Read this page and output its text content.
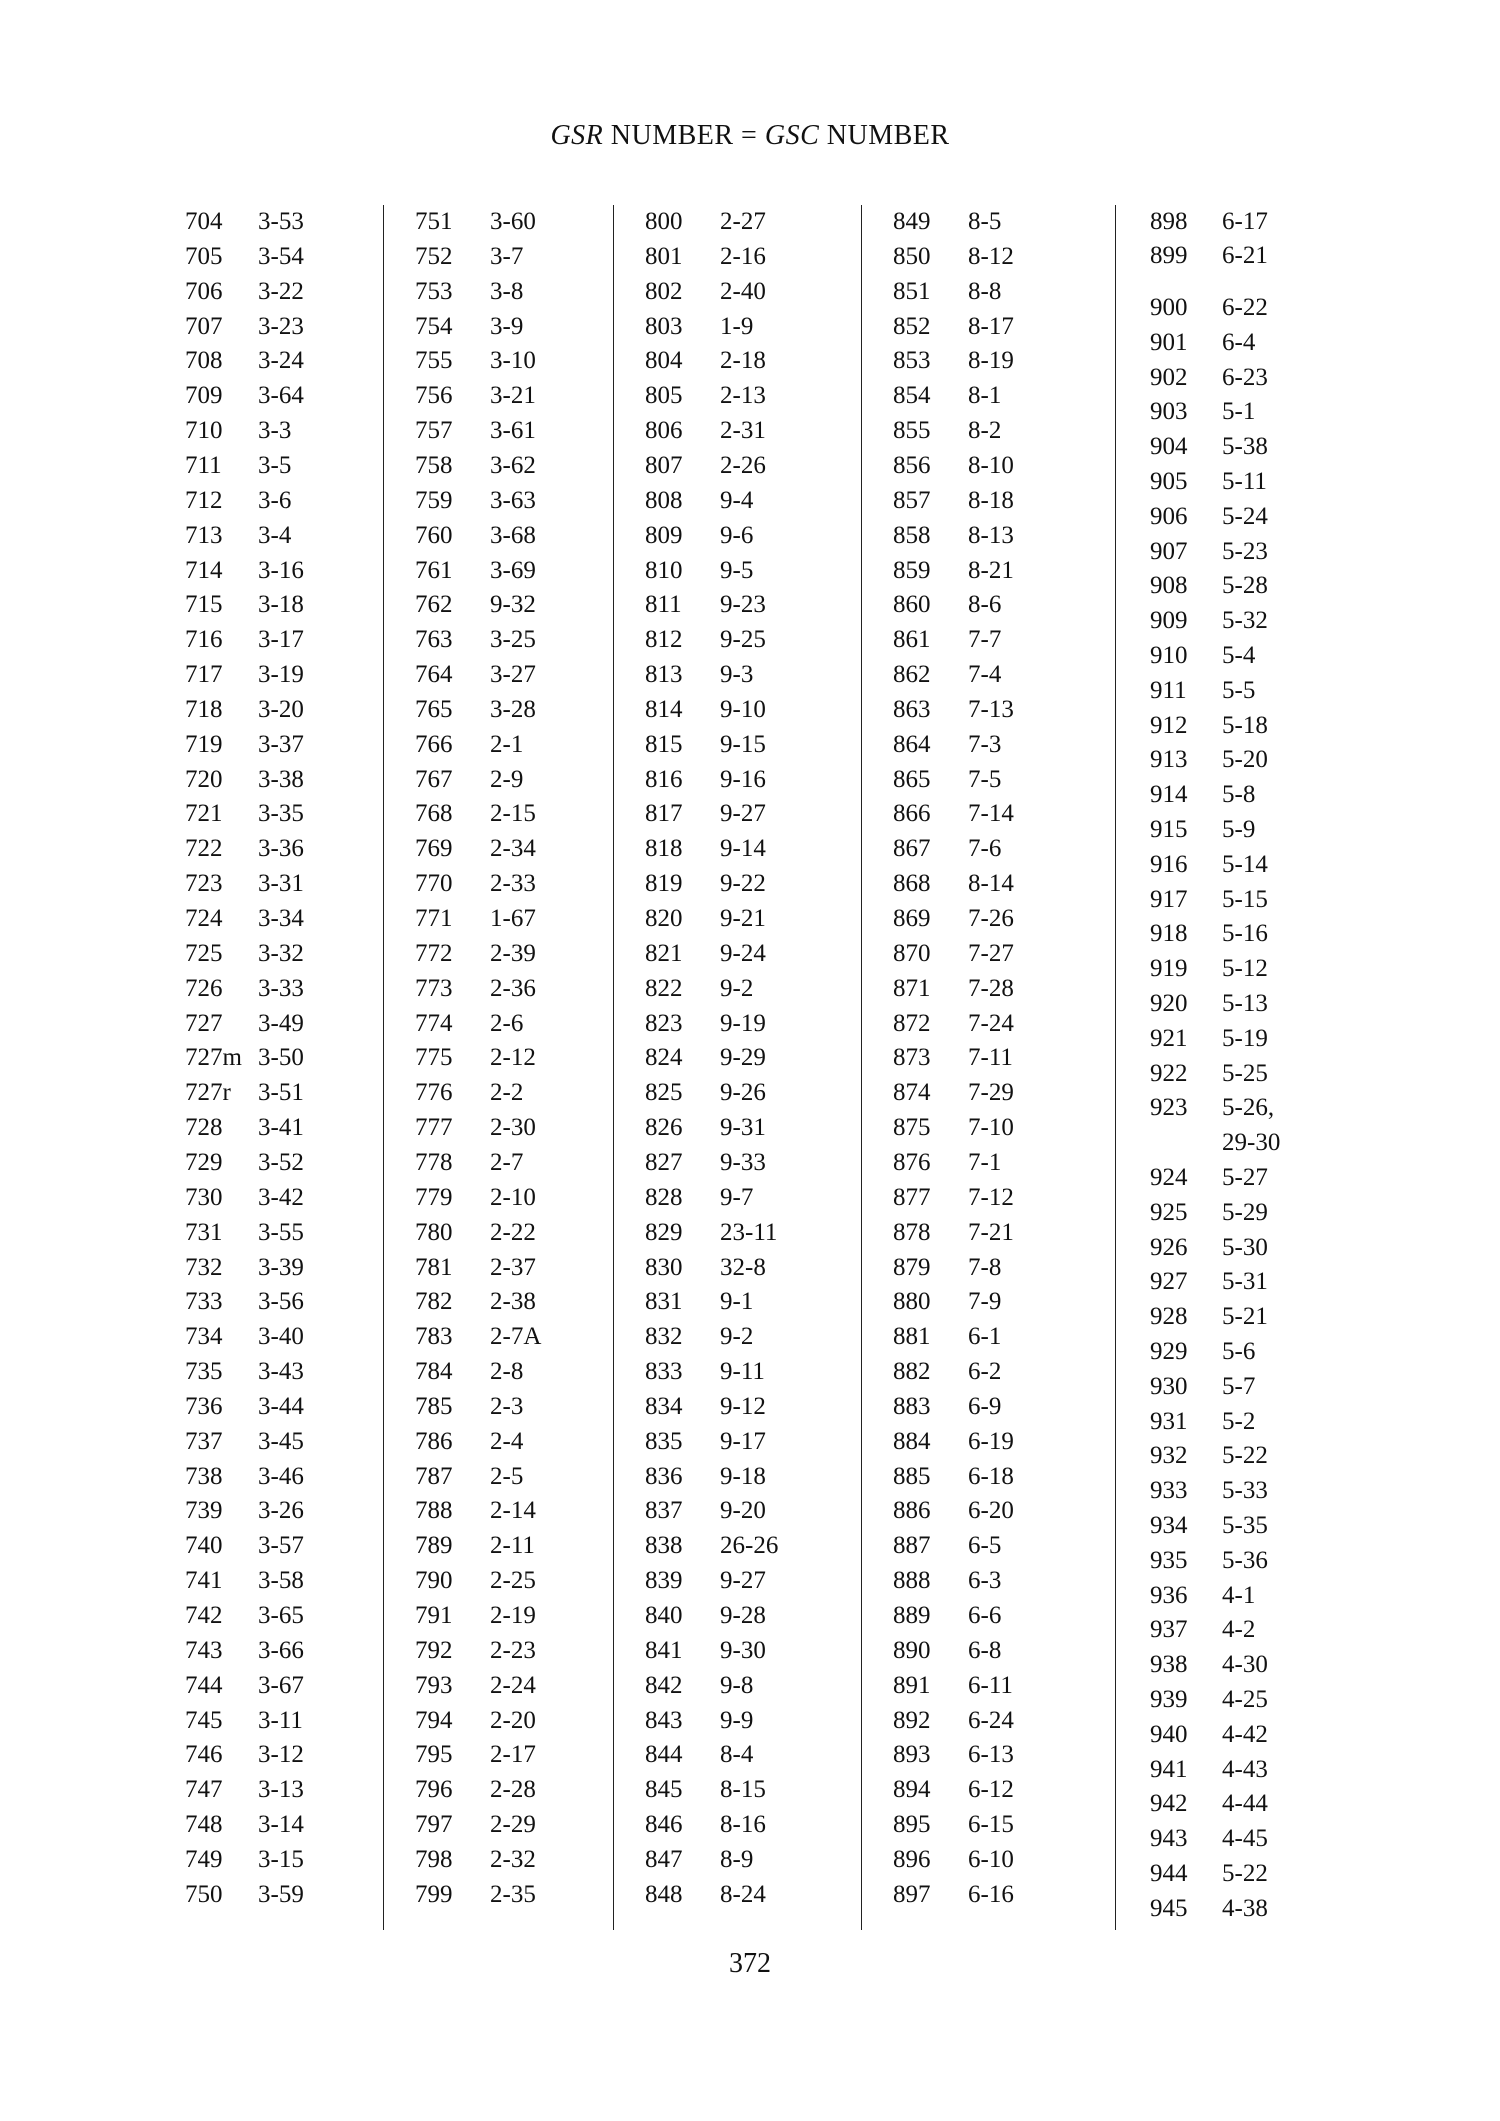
GSR NUMBER = GSC NUMBER
704 3-53
705 3-54
706 3-22
707 3-23
708 3-24
709 3-64
710 3-3
711 3-5
712 3-6
713 3-4
714 3-16
715 3-18
716 3-17
717 3-19
718 3-20
719 3-37
720 3-38
721 3-35
722 3-36
723 3-31
724 3-34
725 3-32
726 3-33
727 3-49
727m 3-50
727r 3-51
728 3-41
729 3-52
730 3-42
731 3-55
732 3-39
733 3-56
734 3-40
735 3-43
736 3-44
737 3-45
738 3-46
739 3-26
740 3-57
741 3-58
742 3-65
743 3-66
744 3-67
745 3-11
746 3-12
747 3-13
748 3-14
749 3-15
750 3-59
751 3-60
752 3-7
753 3-8
754 3-9
755 3-10
756 3-21
757 3-61
758 3-62
759 3-63
760 3-68
761 3-69
762 9-32
763 3-25
764 3-27
765 3-28
766 2-1
767 2-9
768 2-15
769 2-34
770 2-33
771 1-67
772 2-39
773 2-36
774 2-6
775 2-12
776 2-2
777 2-30
778 2-7
779 2-10
780 2-22
781 2-37
782 2-38
783 2-7A
784 2-8
785 2-3
786 2-4
787 2-5
788 2-14
789 2-11
790 2-25
791 2-19
792 2-23
793 2-24
794 2-20
795 2-17
796 2-28
797 2-29
798 2-32
799 2-35
800 2-27
801 2-16
802 2-40
803 1-9
804 2-18
805 2-13
806 2-31
807 2-26
808 9-4
809 9-6
810 9-5
811 9-23
812 9-25
813 9-3
814 9-10
815 9-15
816 9-16
817 9-27
818 9-14
819 9-22
820 9-21
821 9-24
822 9-2
823 9-19
824 9-29
825 9-26
826 9-31
827 9-33
828 9-7
829 23-11
830 32-8
831 9-1
832 9-2
833 9-11
834 9-12
835 9-17
836 9-18
837 9-20
838 26-26
839 9-27
840 9-28
841 9-30
842 9-8
843 9-9
844 8-4
845 8-15
846 8-16
847 8-9
848 8-24
849 8-5
850 8-12
851 8-8
852 8-17
853 8-19
854 8-1
855 8-2
856 8-10
857 8-18
858 8-13
859 8-21
860 8-6
861 7-7
862 7-4
863 7-13
864 7-3
865 7-5
866 7-14
867 7-6
868 8-14
869 7-26
870 7-27
871 7-28
872 7-24
873 7-11
874 7-29
875 7-10
876 7-1
877 7-12
878 7-21
879 7-8
880 7-9
881 6-1
882 6-2
883 6-9
884 6-19
885 6-18
886 6-20
887 6-5
888 6-3
889 6-6
890 6-8
891 6-11
892 6-24
893 6-13
894 6-12
895 6-15
896 6-10
897 6-16
898 6-17
899 6-21
900 6-22
901 6-4
902 6-23
903 5-1
904 5-38
905 5-11
906 5-24
907 5-23
908 5-28
909 5-32
910 5-4
911 5-5
912 5-18
913 5-20
914 5-8
915 5-9
916 5-14
917 5-15
918 5-16
919 5-12
920 5-13
921 5-19
922 5-25
923 5-26,
29-30
924 5-27
925 5-29
926 5-30
927 5-31
928 5-21
929 5-6
930 5-7
931 5-2
932 5-22
933 5-33
934 5-35
935 5-36
936 4-1
937 4-2
938 4-30
939 4-25
940 4-42
941 4-43
942 4-44
943 4-45
944 5-22
945 4-38
372
